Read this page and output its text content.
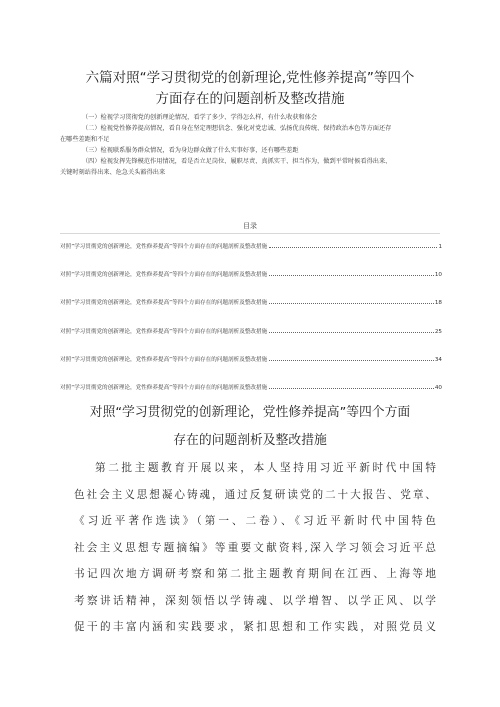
六篇对照“学习贯彻党的创新理论,党性修养提高”等四个
方面存在的问题剖析及整改措施

（一）检视学习贯彻党的创新理论情况，看学了多少、学得怎么样，有什么收获和体会

（二）检视党性修养提高情况，看自身在坚定理想信念、强化对党忠诚、弘扬优良传统、保持政治本色等方面还存

在哪些差距和不足

（三）检视联系服务群众情况，看为身边群众做了什么实事好事，还有哪些差距

（四）检视发挥先锋模范作用情况，看是否立足岗位、履职尽责、真抓实干、担当作为，做到平常时候看得出来、

关键时刻站得出来、危急关头豁得出来

目录
对照”学习贯彻党的创新理论，党性修养提高”等四个方面存在的问题剖析及整改措施	1
对照“学习贯彻党的创新理论，党性修养提高”等四个方面存在的问题剖析及整改措施	10
对照”学习贯彻党的创新理论，党性修养提高”等四个方面存在的问题剖析及整改措施	18
对照“学习贯彻党的创新理论，党性修养提高”等四个方面存在的问题剖析及整改措施	25
对照”学习贯彻党的创新理论，党性修养提高”等四个方面存在的问题剖析及整改措施	34
对照“学习贯彻党的创新理论，党性修养提高”等四个方面存在的问题剖析及整改措施	40
对照“学习贯彻党的创新理论，党性修养提高”等四个方面
存在的问题剖析及整改措施
第二批主题教育开展以来，本人坚持用习近平新时代中国特
色社会主义思想凝心铸魂，通过反复研读党的二十大报告、党章、
《习近平著作选读》（第一、二卷）、《习近平新时代中国特色
社会主义思想专题摘编》等重要文献资料,深入学习领会习近平总
书记四次地方调研考察和第二批主题教育期间在江西、上海等地
考察讲话精神，深刻领悟以学铸魂、以学增智、以学正风、以学
促干的丰富内涵和实践要求，紧扣思想和工作实践，对照党员义
